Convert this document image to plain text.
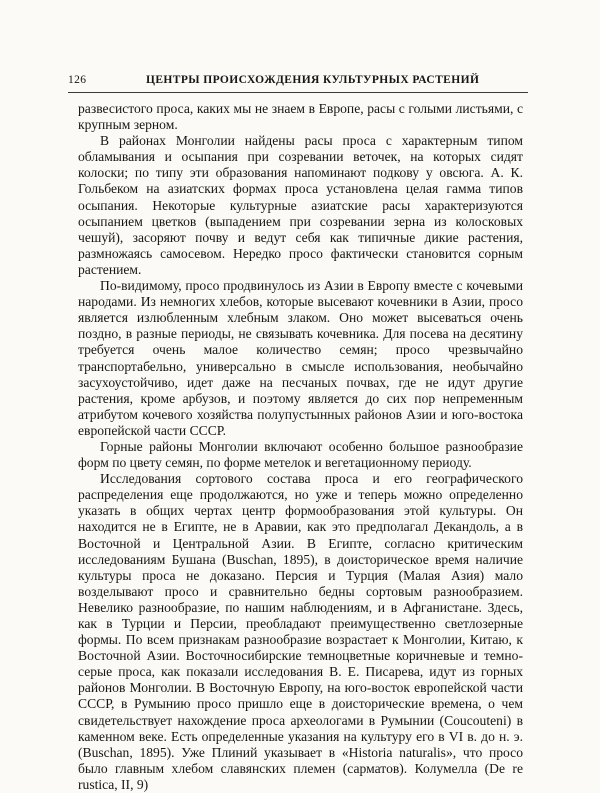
126	ЦЕНТРЫ ПРОИСХОЖДЕНИЯ КУЛЬТУРНЫХ РАСТЕНИЙ

развесистого проса, каких мы не знаем в Европе, расы с голыми листьями, с крупным зерном.

В районах Монголии найдены расы проса с характерным типом обламывания и осыпания при созревании веточек, на которых сидят колоски; по типу эти образования напоминают подкову у овсюга. А. К. Гольбеком на азиатских формах проса установлена целая гамма типов осыпания. Некоторые культурные азиатские расы характеризуются осыпанием цветков (выпадением при созревании зерна из колосковых чешуй), засоряют почву и ведут себя как типичные дикие растения, размножаясь самосевом. Нередко просо фактически становится сорным растением.

По-видимому, просо продвинулось из Азии в Европу вместе с кочевыми народами. Из немногих хлебов, которые высевают кочевники в Азии, просо является излюбленным хлебным злаком. Оно может высеваться очень поздно, в разные периоды, не связывать кочевника. Для посева на десятину требуется очень малое количество семян; просо чрезвычайно транспортабельно, универсально в смысле использования, необычайно засухоустойчиво, идет даже на песчаных почвах, где не идут другие растения, кроме арбузов, и поэтому является до сих пор непременным атрибутом кочевого хозяйства полупустынных районов Азии и юго-востока европейской части СССР.

Горные районы Монголии включают особенно большое разнообразие форм по цвету семян, по форме метелок и вегетационному периоду.

Исследования сортового состава проса и его географического распределения еще продолжаются, но уже и теперь можно определенно указать в общих чертах центр формообразования этой культуры. Он находится не в Египте, не в Аравии, как это предполагал Декандоль, а в Восточной и Центральной Азии. В Египте, согласно критическим исследованиям Бушана (Buschan, 1895), в доисторическое время наличие культуры проса не доказано. Персия и Турция (Малая Азия) мало возделывают просо и сравнительно бедны сортовым разнообразием. Невелико разнообразие, по нашим наблюдениям, и в Афганистане. Здесь, как в Турции и Персии, преобладают преимущественно светлозерные формы. По всем признакам разнообразие возрастает к Монголии, Китаю, к Восточной Азии. Восточносибирские темноцветные коричневые и темно-серые проса, как показали исследования В. Е. Писарева, идут из горных районов Монголии. В Восточную Европу, на юго-восток европейской части СССР, в Румынию просо пришло еще в доисторические времена, о чем свидетельствует нахождение проса археологами в Румынии (Coucouteni) в каменном веке. Есть определенные указания на культуру его в VI в. до н. э. (Buschan, 1895). Уже Плиний указывает в «Historia naturalis», что просо было главным хлебом славянских племен (сарматов). Колумелла (De re rustica, II, 9)
